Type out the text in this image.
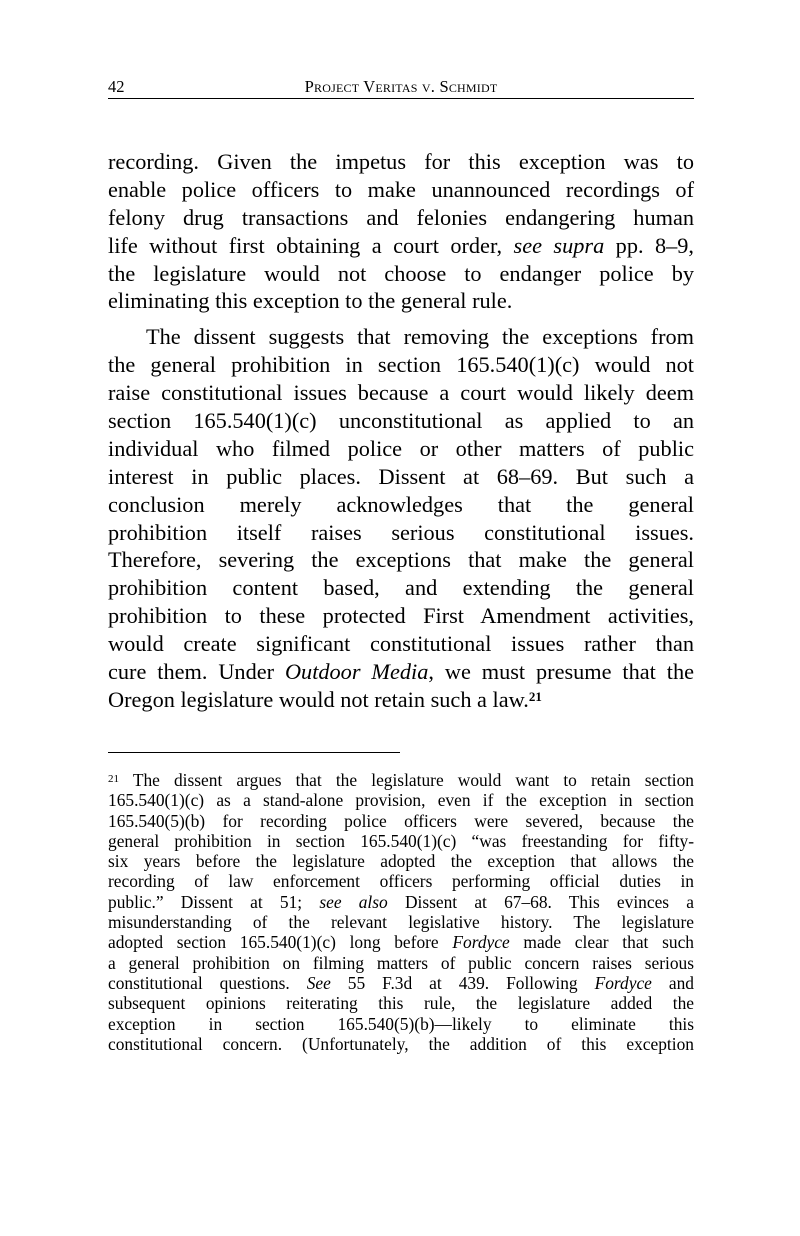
42	Project Veritas v. Schmidt
recording. Given the impetus for this exception was to
enable police officers to make unannounced recordings of
felony drug transactions and felonies endangering human
life without first obtaining a court order, see supra pp. 8–9,
the legislature would not choose to endanger police by
eliminating this exception to the general rule.
The dissent suggests that removing the exceptions from
the general prohibition in section 165.540(1)(c) would not
raise constitutional issues because a court would likely deem
section 165.540(1)(c) unconstitutional as applied to an
individual who filmed police or other matters of public
interest in public places. Dissent at 68–69. But such a
conclusion merely acknowledges that the general
prohibition itself raises serious constitutional issues.
Therefore, severing the exceptions that make the general
prohibition content based, and extending the general
prohibition to these protected First Amendment activities,
would create significant constitutional issues rather than
cure them. Under Outdoor Media, we must presume that the
Oregon legislature would not retain such a law.$^{21}$
$^{21}$ The dissent argues that the legislature would want to retain section
165.540(1)(c) as a stand-alone provision, even if the exception in section
165.540(5)(b) for recording police officers were severed, because the
general prohibition in section 165.540(1)(c) “was freestanding for fifty-
six years before the legislature adopted the exception that allows the
recording of law enforcement officers performing official duties in
public.” Dissent at 51; see also Dissent at 67–68. This evinces a
misunderstanding of the relevant legislative history. The legislature
adopted section 165.540(1)(c) long before Fordyce made clear that such
a general prohibition on filming matters of public concern raises serious
constitutional questions. See 55 F.3d at 439. Following Fordyce and
subsequent opinions reiterating this rule, the legislature added the
exception in section 165.540(5)(b)—likely to eliminate this
constitutional concern. (Unfortunately, the addition of this exception
